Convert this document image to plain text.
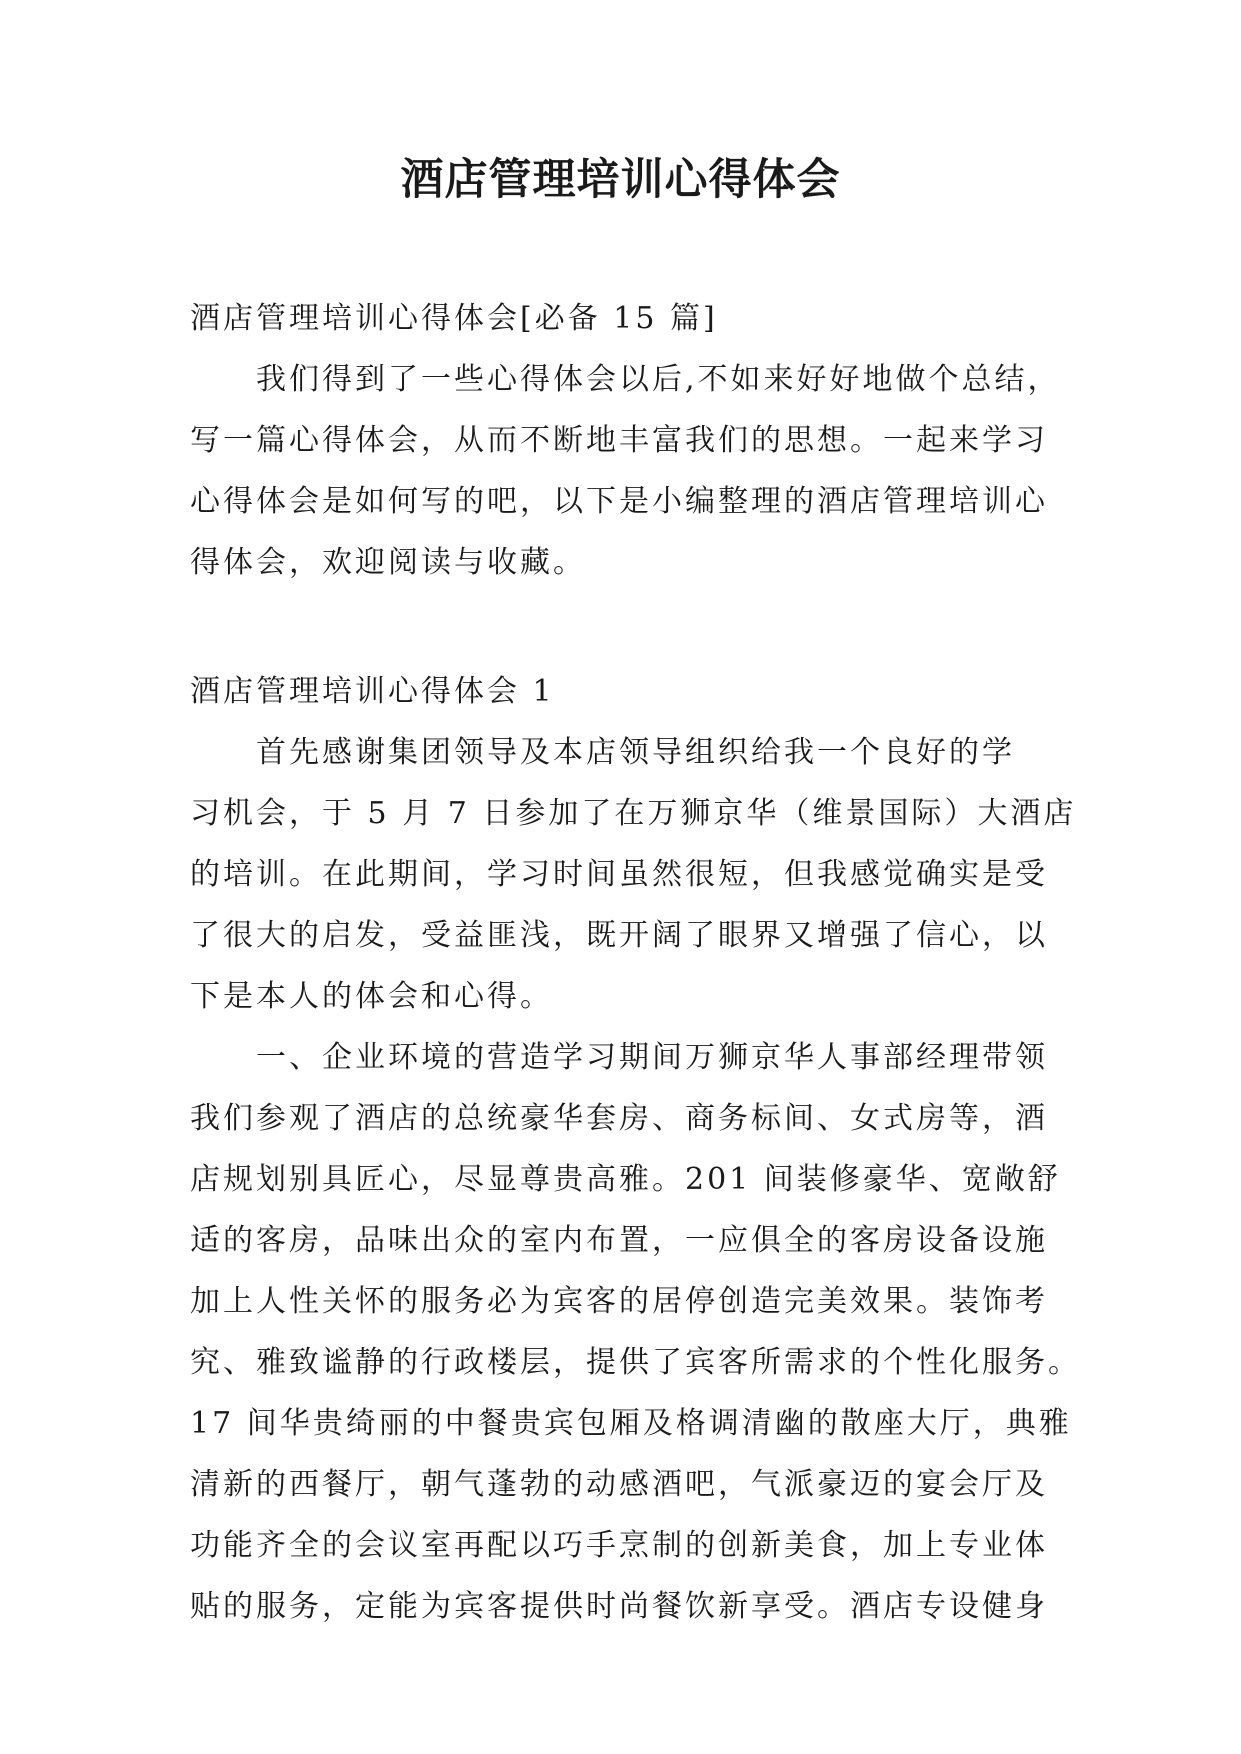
酒店管理培训心得体会
酒店管理培训心得体会[必备 15 篇]
我们得到了一些心得体会以后,不如来好好地做个总结，
写一篇心得体会，从而不断地丰富我们的思想。一起来学习
心得体会是如何写的吧，以下是小编整理的酒店管理培训心
得体会，欢迎阅读与收藏。
酒店管理培训心得体会 1
首先感谢集团领导及本店领导组织给我一个良好的学
习机会，于 5 月 7 日参加了在万狮京华（维景国际）大酒店
的培训。在此期间，学习时间虽然很短，但我感觉确实是受
了很大的启发，受益匪浅，既开阔了眼界又增强了信心，以
下是本人的体会和心得。
一、企业环境的营造学习期间万狮京华人事部经理带领
我们参观了酒店的总统豪华套房、商务标间、女式房等，酒
店规划别具匠心，尽显尊贵高雅。201 间装修豪华、宽敞舒
适的客房，品味出众的室内布置，一应俱全的客房设备设施
加上人性关怀的服务必为宾客的居停创造完美效果。装饰考
究、雅致谧静的行政楼层，提供了宾客所需求的个性化服务。
17 间华贵绮丽的中餐贵宾包厢及格调清幽的散座大厅，典雅
清新的西餐厅，朝气蓬勃的动感酒吧，气派豪迈的宴会厅及
功能齐全的会议室再配以巧手烹制的创新美食，加上专业体
贴的服务，定能为宾客提供时尚餐饮新享受。酒店专设健身
